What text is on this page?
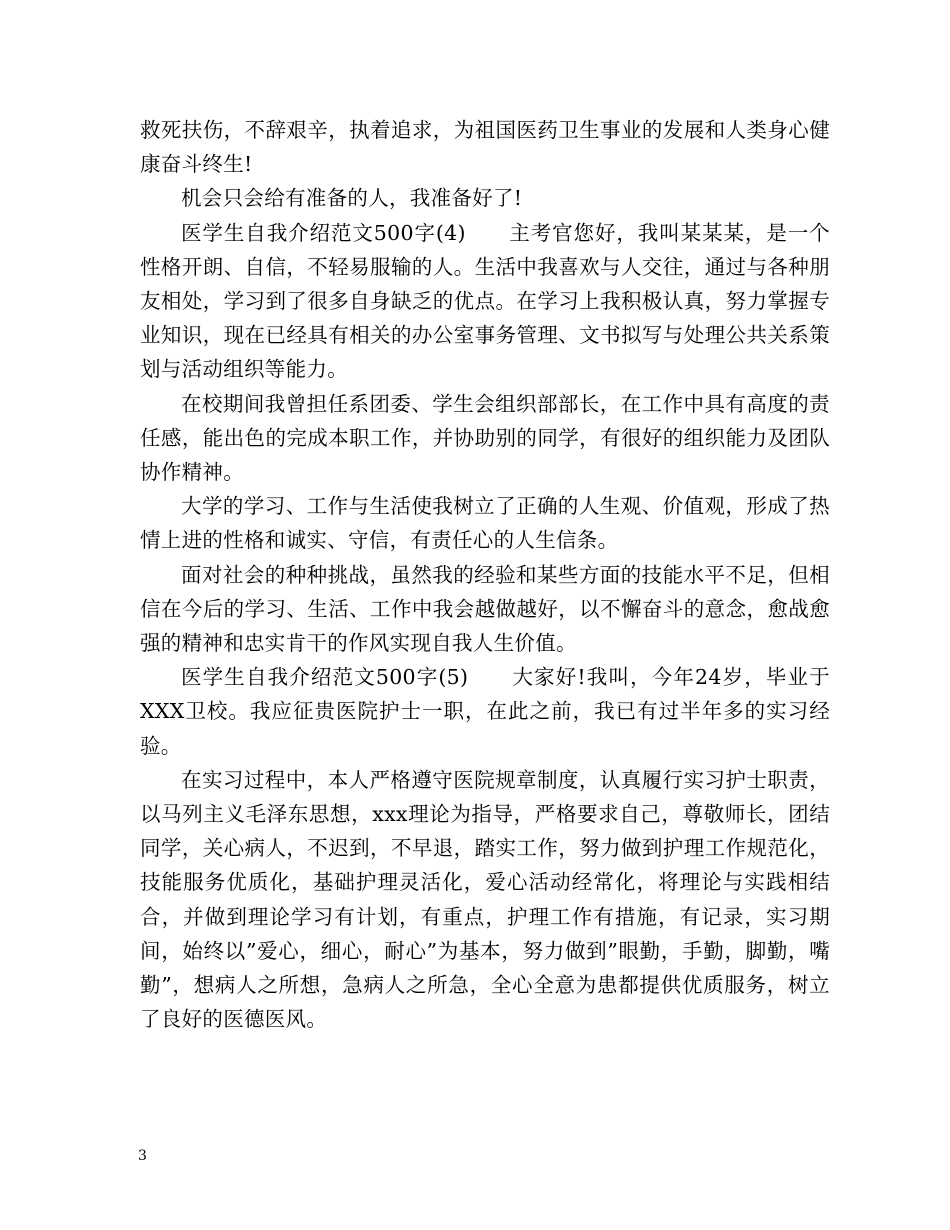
救死扶伤，不辞艰辛，执着追求，为祖国医药卫生事业的发展和人类身心健康奋斗终生!

机会只会给有准备的人，我准备好了!

医学生自我介绍范文500字(4)　　主考官您好，我叫某某某，是一个性格开朗、自信，不轻易服输的人。生活中我喜欢与人交往，通过与各种朋友相处，学习到了很多自身缺乏的优点。在学习上我积极认真，努力掌握专业知识，现在已经具有相关的办公室事务管理、文书拟写与处理公共关系策划与活动组织等能力。

在校期间我曾担任系团委、学生会组织部部长，在工作中具有高度的责任感，能出色的完成本职工作，并协助别的同学，有很好的组织能力及团队协作精神。

大学的学习、工作与生活使我树立了正确的人生观、价值观，形成了热情上进的性格和诚实、守信，有责任心的人生信条。

面对社会的种种挑战，虽然我的经验和某些方面的技能水平不足，但相信在今后的学习、生活、工作中我会越做越好，以不懈奋斗的意念，愈战愈强的精神和忠实肯干的作风实现自我人生价值。

医学生自我介绍范文500字(5)　　大家好!我叫，今年24岁，毕业于XXX卫校。我应征贵医院护士一职，在此之前，我已有过半年多的实习经验。

在实习过程中，本人严格遵守医院规章制度，认真履行实习护士职责，以马列主义毛泽东思想，xxx理论为指导，严格要求自己，尊敬师长，团结同学，关心病人，不迟到，不早退，踏实工作，努力做到护理工作规范化，技能服务优质化，基础护理灵活化，爱心活动经常化，将理论与实践相结合，并做到理论学习有计划，有重点，护理工作有措施，有记录，实习期间，始终以”爱心，细心，耐心”为基本，努力做到”眼勤，手勤，脚勤，嘴勤”，想病人之所想，急病人之所急，全心全意为患都提供优质服务，树立了良好的医德医风。

3
